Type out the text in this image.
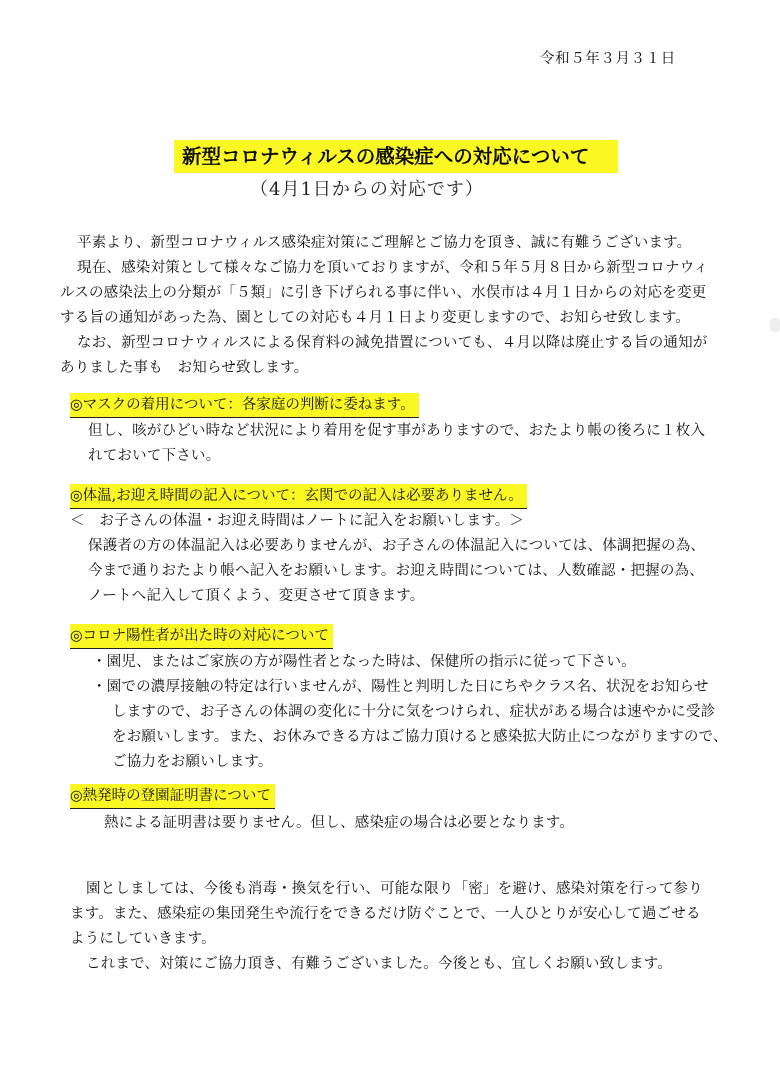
令和５年３月３１日
新型コロナウィルスの感染症への対応について
（4月1日からの対応です）
平素より、新型コロナウィルス感染症対策にご理解とご協力を頂き、誠に有難うございます。
現在、感染対策として様々なご協力を頂いておりますが、令和５年５月８日から新型コロナウィ
ルスの感染法上の分類が「５類」に引き下げられる事に伴い、水俣市は４月１日からの対応を変更
する旨の通知があった為、園としての対応も４月１日より変更しますので、お知らせ致します。
なお、新型コロナウィルスによる保育料の減免措置についても、４月以降は廃止する旨の通知が
ありました事も　お知らせ致します。
◎マスクの着用について：各家庭の判断に委ねます。
但し、咳がひどい時など状況により着用を促す事がありますので、おたより帳の後ろに１枚入
れておいて下さい。
◎体温,お迎え時間の記入について：玄関での記入は必要ありません。
＜　お子さんの体温・お迎え時間はノートに記入をお願いします。＞
保護者の方の体温記入は必要ありませんが、お子さんの体温記入については、体調把握の為、
今まで通りおたより帳へ記入をお願いします。お迎え時間については、人数確認・把握の為、
ノートへ記入して頂くよう、変更させて頂きます。
◎コロナ陽性者が出た時の対応について
・園児、またはご家族の方が陽性者となった時は、保健所の指示に従って下さい。
・園での濃厚接触の特定は行いませんが、陽性と判明した日にちやクラス名、状況をお知らせ
しますので、お子さんの体調の変化に十分に気をつけられ、症状がある場合は速やかに受診
をお願いします。また、お休みできる方はご協力頂けると感染拡大防止につながりますので、
ご協力をお願いします。
◎熱発時の登園証明書について
熱による証明書は要りません。但し、感染症の場合は必要となります。
園としましては、今後も消毒・換気を行い、可能な限り「密」を避け、感染対策を行って参り
ます。また、感染症の集団発生や流行をできるだけ防ぐことで、一人ひとりが安心して過ごせる
ようにしていきます。
これまで、対策にご協力頂き、有難うございました。今後とも、宜しくお願い致します。
